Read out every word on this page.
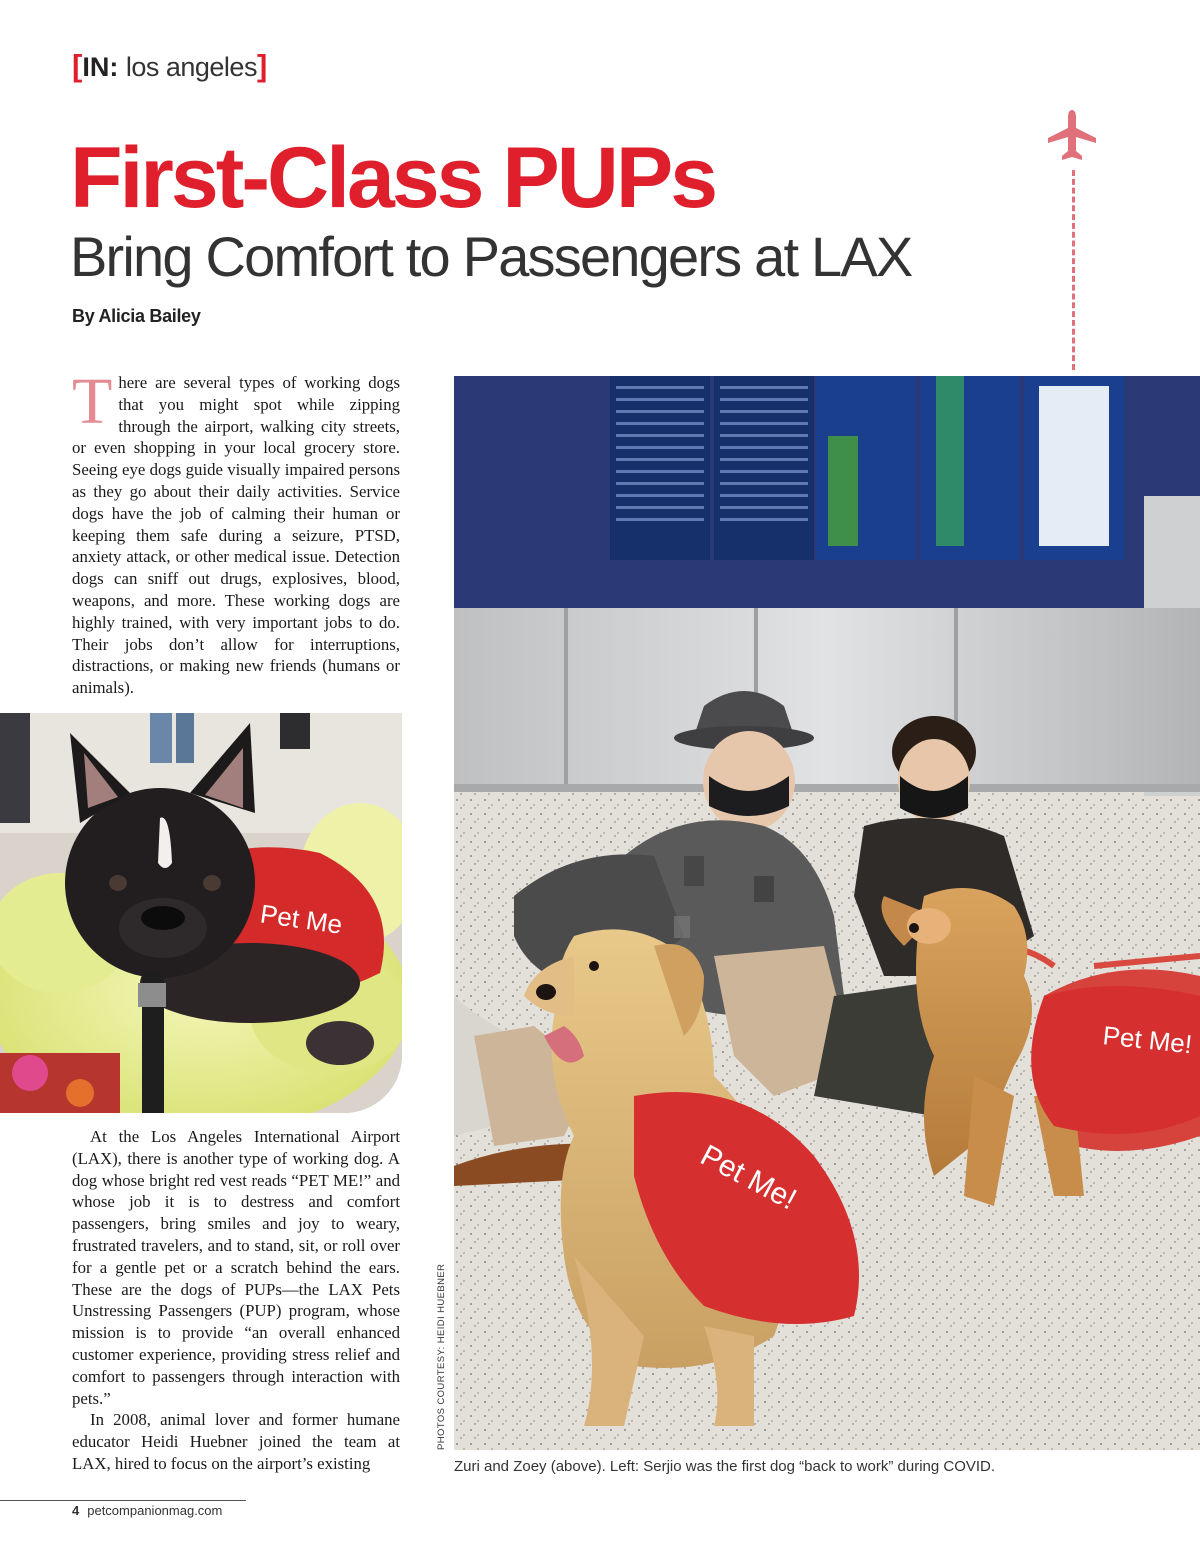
[IN: los angeles]
First-Class PUPs
Bring Comfort to Passengers at LAX
By Alicia Bailey

There are several types of working dogs that you might spot while zipping through the airport, walking city streets, or even shopping in your local grocery store. Seeing eye dogs guide visually impaired persons as they go about their daily activities. Service dogs have the job of calming their human or keeping them safe during a seizure, PTSD, anxiety attack, or other medical issue. Detection dogs can sniff out drugs, explosives, blood, weapons, and more. These working dogs are highly trained, with very important jobs to do. Their jobs don’t allow for interruptions, distractions, or making new friends (humans or animals).

Pet Me

At the Los Angeles International Airport (LAX), there is another type of working dog. A dog whose bright red vest reads “PET ME!” and whose job it is to destress and comfort passengers, bring smiles and joy to weary, frustrated travelers, and to stand, sit, or roll over for a gentle pet or a scratch behind the ears. These are the dogs of PUPs—the LAX Pets Unstressing Passengers (PUP) program, whose mission is to provide “an overall enhanced customer experience, providing stress relief and comfort to passengers through interaction with pets.”

In 2008, animal lover and former humane educator Heidi Huebner joined the team at LAX, hired to focus on the airport’s existing

Pet Me!
Pet Me!
PHOTOS COURTESY: HEIDI HUEBNER
Zuri and Zoey (above). Left: Serjio was the first dog “back to work” during COVID.
4 petcompanionmag.com
